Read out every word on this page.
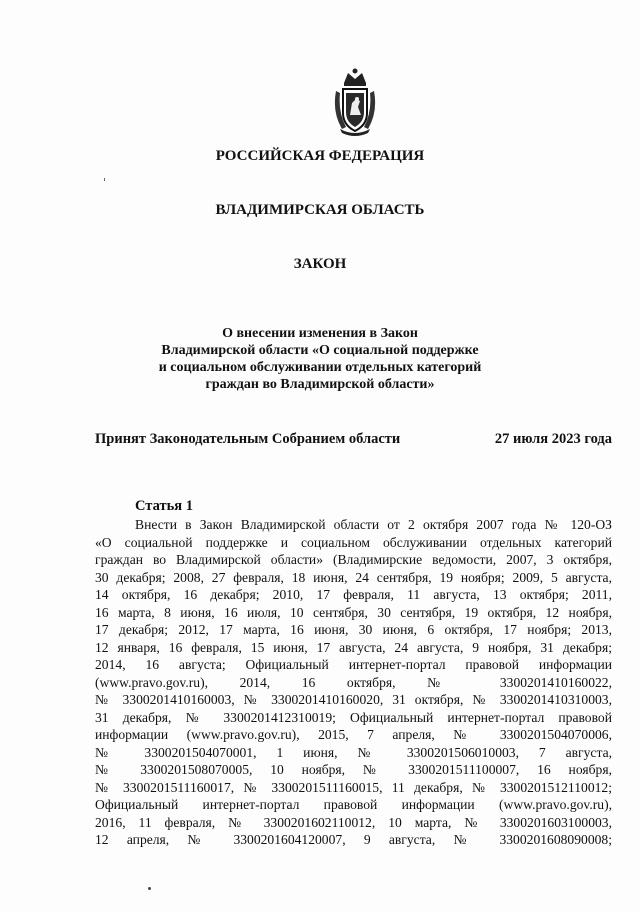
РОССИЙСКАЯ ФЕДЕРАЦИЯ
ВЛАДИМИРСКАЯ ОБЛАСТЬ
ЗАКОН
О внесении изменения в Закон
Владимирской области «О социальной поддержке
и социальном обслуживании отдельных категорий
граждан во Владимирской области»
Принят Законодательным Собранием области	27 июля 2023 года
Статья 1
Внести в Закон Владимирской области от 2 октября 2007 года № 120-ОЗ
«О социальной поддержке и социальном обслуживании отдельных категорий
граждан во Владимирской области» (Владимирские ведомости, 2007, 3 октября,
30 декабря; 2008, 27 февраля, 18 июня, 24 сентября, 19 ноября; 2009, 5 августа,
14 октября, 16 декабря; 2010, 17 февраля, 11 августа, 13 октября; 2011,
16 марта, 8 июня, 16 июля, 10 сентября, 30 сентября, 19 октября, 12 ноября,
17 декабря; 2012, 17 марта, 16 июня, 30 июня, 6 октября, 17 ноября; 2013,
12 января, 16 февраля, 15 июня, 17 августа, 24 августа, 9 ноября, 31 декабря;
2014, 16 августа; Официальный интернет-портал правовой информации
(www.pravo.gov.ru), 2014, 16 октября, № 3300201410160022,
№ 3300201410160003, № 3300201410160020, 31 октября, № 3300201410310003,
31 декабря, № 3300201412310019; Официальный интернет-портал правовой
информации (www.pravo.gov.ru), 2015, 7 апреля, № 3300201504070006,
№ 3300201504070001, 1 июня, № 3300201506010003, 7 августа,
№ 3300201508070005, 10 ноября, № 3300201511100007, 16 ноября,
№ 3300201511160017, № 3300201511160015, 11 декабря, № 3300201512110012;
Официальный интернет-портал правовой информации (www.pravo.gov.ru),
2016, 11 февраля, № 3300201602110012, 10 марта, № 3300201603100003,
12 апреля, № 3300201604120007, 9 августа, № 3300201608090008;
